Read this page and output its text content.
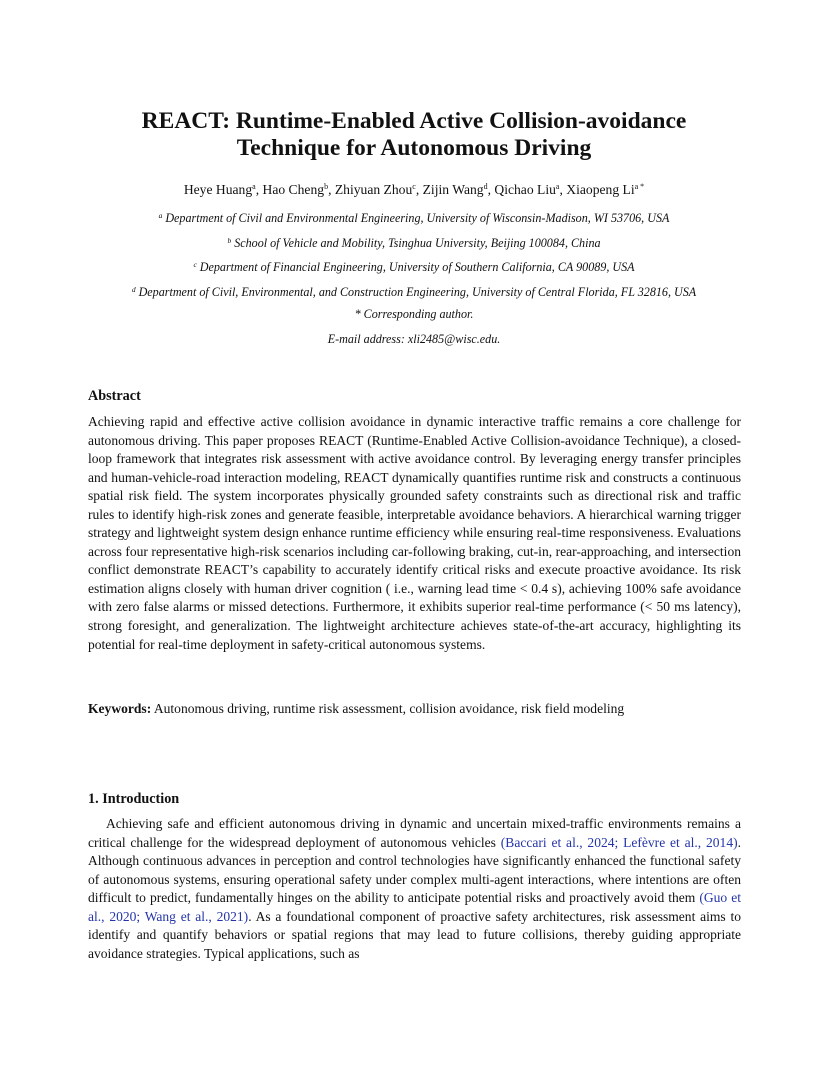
REACT: Runtime-Enabled Active Collision-avoidance
Technique for Autonomous Driving
Heye Huang$^a$, Hao Cheng$^b$, Zhiyuan Zhou$^c$, Zijin Wang$^d$, Qichao Liu$^a$, Xiaopeng $Li^{a *}$
$^a$ Department of Civil and Environmental Engineering, University of Wisconsin-Madison, WI 53706, USA
$^b$ School of Vehicle and Mobility, Tsinghua University, Beijing 100084, China
$^c$ Department of Financial Engineering, University of Southern California, CA 90089, USA
$^d$ Department of Civil, Environmental, and Construction Engineering, University of Central Florida, FL 32816, USA
* Corresponding author.
E-mail address: xli2485@wisc.edu.
Abstract
Achieving rapid and effective active collision avoidance in dynamic interactive traffic remains a core challenge for autonomous driving. This paper proposes REACT (Runtime-Enabled Active Collision-avoidance Technique), a closed-loop framework that integrates risk assessment with active avoidance control. By leveraging energy transfer principles and human-vehicle-road interaction modeling, REACT dynamically quantifies runtime risk and constructs a continuous spatial risk field. The system incorporates physically grounded safety constraints such as directional risk and traffic rules to identify high-risk zones and generate feasible, interpretable avoidance behaviors. A hierarchical warning trigger strategy and lightweight system design enhance runtime efficiency while ensuring real-time responsiveness. Evaluations across four representative high-risk scenarios including car-following braking, cut-in, rear-approaching, and intersection conflict demonstrate REACT’s capability to accurately identify critical risks and execute proactive avoidance. Its risk estimation aligns closely with human driver cognition ( i.e., warning lead time < 0.4 s), achieving 100% safe avoidance with zero false alarms or missed detections. Furthermore, it exhibits superior real-time performance (< 50 ms latency), strong foresight, and generalization. The lightweight architecture achieves state-of-the-art accuracy, highlighting its potential for real-time deployment in safety-critical autonomous systems.
Keywords: Autonomous driving, runtime risk assessment, collision avoidance, risk field modeling
1. Introduction
Achieving safe and efficient autonomous driving in dynamic and uncertain mixed-traffic environments remains a critical challenge for the widespread deployment of autonomous vehicles (Baccari et al., 2024; Lefèvre et al., 2014). Although continuous advances in perception and control technologies have significantly enhanced the functional safety of autonomous systems, ensuring operational safety under complex multi-agent interactions, where intentions are often difficult to predict, fundamentally hinges on the ability to anticipate potential risks and proactively avoid them (Guo et al., 2020; Wang et al., 2021). As a foundational component of proactive safety architectures, risk assessment aims to identify and quantify behaviors or spatial regions that may lead to future collisions, thereby guiding appropriate avoidance strategies. Typical applications, such as
